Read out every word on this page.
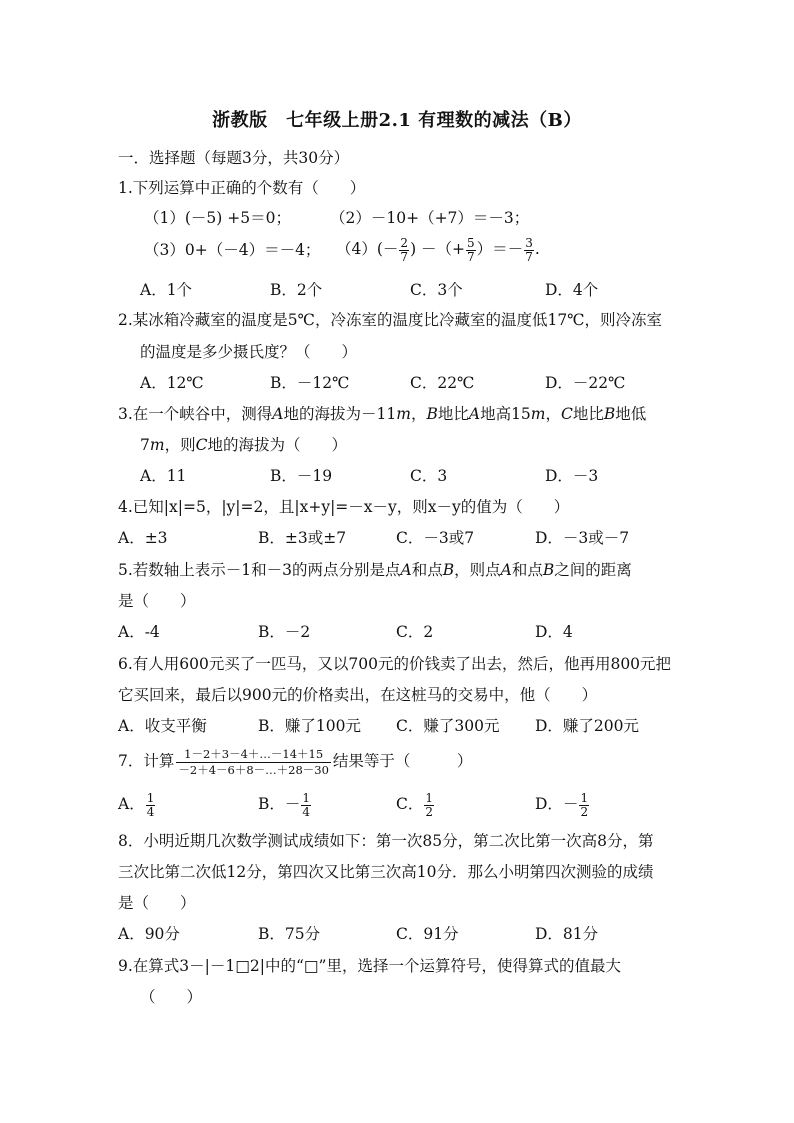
浙教版　七年级上册2.1 有理数的减法（B）
一．选择题（每题3分，共30分）
1.下列运算中正确的个数有（　　）
（1）(－5) +5＝0；	（2）－10+（+7）＝－3；
（3）0+（－4）＝－4； $(4)(- \frac{2}{7}$ ) －（+ $\frac{5}{7}$ ）＝－ $\frac{3}{7}$ .
A．1个	B．2个	C．3个	D．4个
2.某冰箱冷藏室的温度是5℃，冷冻室的温度比冷藏室的温度低17℃，则冷冻室
的温度是多少摄氏度？（　　）
A．12℃	B．－12℃	C．22℃	D．－22℃
3.在一个峡谷中，测得A地的海拔为－11m，B地比A地高15m，C地比B地低
7m，则C地的海拔为（　　）
A．11	B．－19	C．3	D．－3
4.已知|x|=5，|y|=2，且|x+y|=－x－y，则x－y的值为（　　）
A．±3	B．±3或±7	C．－3或7	D．－3或－7
5.若数轴上表示－1和－3的两点分别是点A和点B，则点A和点B之间的距离
是（　　）
A．-4	B．－2	C．2	D．4
6.有人用600元买了一匹马，又以700元的价钱卖了出去，然后，他再用800元把
它买回来，最后以900元的价格卖出，在这桩马的交易中，他（　　）
A．收支平衡	B．赚了100元 C．赚了300元 D．赚了200元
7．计算 $\frac{1-2+3-4+\dots-14+15}{-2+4-6+8-\dots+28-30}$ 结果等于（　　　）
A． $\frac{1}{4}$	B．－ $\frac{1}{4}$	C． $\frac{1}{2}$	D．－ $\frac{1}{2}$
8．小明近期几次数学测试成绩如下：第一次85分，第二次比第一次高8分，第
三次比第二次低12分，第四次又比第三次高10分．那么小明第四次测验的成绩
是（　　）
A．90分	B．75分	C．91分	D．81分
9.在算式3－|－1□2|中的“□”里，选择一个运算符号，使得算式的值最大
（　　）
